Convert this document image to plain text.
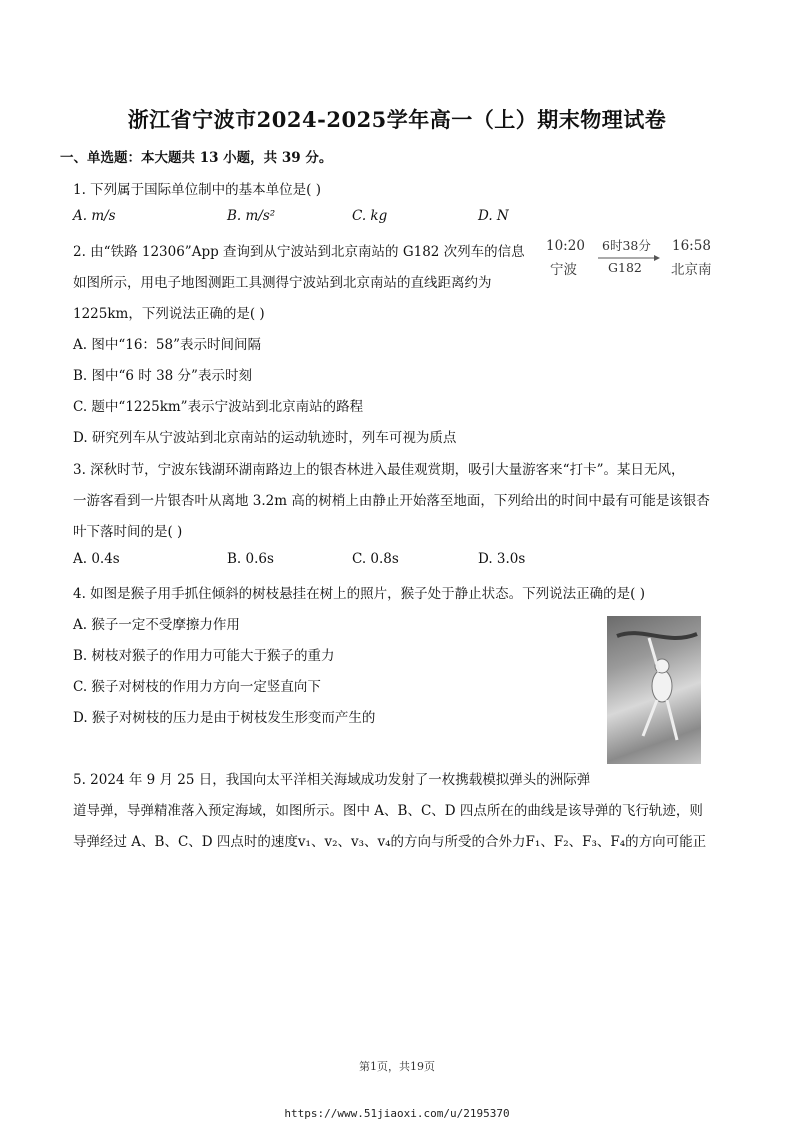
浙江省宁波市2024-2025学年高一（上）期末物理试卷
一、单选题：本大题共 13 小题，共 39 分。
1. 下列属于国际单位制中的基本单位是( )
A. m/s	B. m/s²	C. kg	D. N
2. 由“铁路 12306”App 查询到从宁波站到北京南站的 G182 次列车的信息
如图所示，用电子地图测距工具测得宁波站到北京南站的直线距离约为
1225km，下列说法正确的是( )
10:20
宁波
6时38分
G182
16:58
北京南
A. 图中“16：58”表示时间间隔
B. 图中“6 时 38 分”表示时刻
C. 题中“1225km”表示宁波站到北京南站的路程
D. 研究列车从宁波站到北京南站的运动轨迹时，列车可视为质点
3. 深秋时节，宁波东钱湖环湖南路边上的银杏林进入最佳观赏期，吸引大量游客来“打卡”。某日无风，
一游客看到一片银杏叶从离地 3.2m 高的树梢上由静止开始落至地面，下列给出的时间中最有可能是该银杏
叶下落时间的是( )
A. 0.4s	B. 0.6s	C. 0.8s	D. 3.0s
4. 如图是猴子用手抓住倾斜的树枝悬挂在树上的照片，猴子处于静止状态。下列说法正确的是( )
A. 猴子一定不受摩擦力作用
B. 树枝对猴子的作用力可能大于猴子的重力
C. 猴子对树枝的作用力方向一定竖直向下
D. 猴子对树枝的压力是由于树枝发生形变而产生的
5. 2024 年 9 月 25 日，我国向太平洋相关海域成功发射了一枚携载模拟弹头的洲际弹
道导弹，导弹精准落入预定海域，如图所示。图中 A、B、C、D 四点所在的曲线是该导弹的飞行轨迹，则
导弹经过 A、B、C、D 四点时的速度v₁、v₂、v₃、v₄的方向与所受的合外力F₁、F₂、F₃、F₄的方向可能正
第1页，共19页
https://www.51jiaoxi.com/u/2195370
